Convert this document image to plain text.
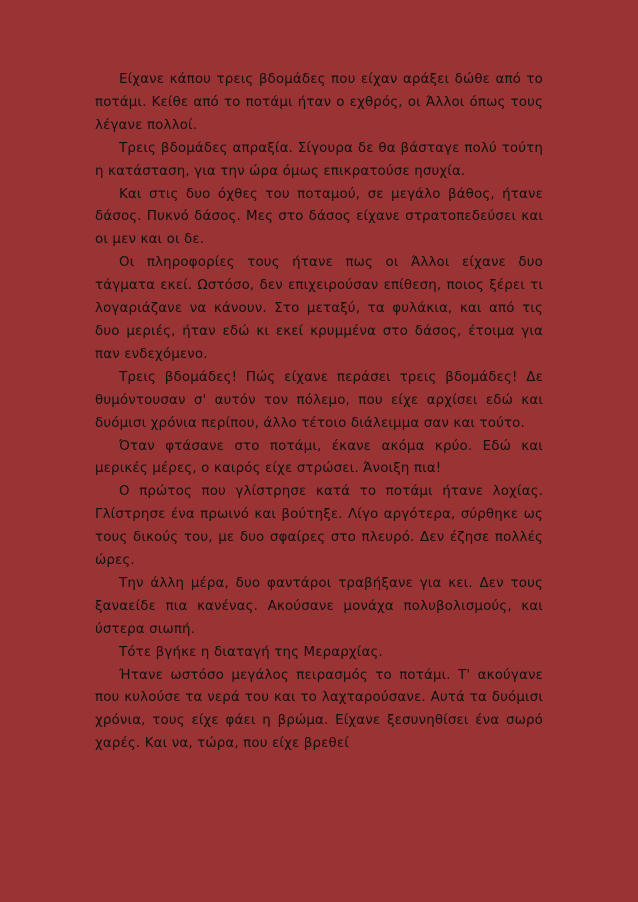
Είχανε κάπου τρεις βδομάδες που είχαν αράξει δώθε από το ποτάμι. Κείθε από το ποτάμι ήταν ο εχθρός, οι Άλλοι όπως τους λέγανε πολλοί.

Τρεις βδομάδες απραξία. Σίγουρα δε θα βάσταγε πολύ τούτη η κατάσταση, για την ώρα όμως επικρατούσε ησυχία.

Και στις δυο όχθες του ποταμού, σε μεγάλο βάθος, ήτανε δάσος. Πυκνό δάσος. Μες στο δάσος είχανε στρατοπεδεύσει και οι μεν και οι δε.

Οι πληροφορίες τους ήτανε πως οι Άλλοι είχανε δυο τάγματα εκεί. Ωστόσο, δεν επιχειρούσαν επίθεση, ποιος ξέρει τι λογαριάζανε να κάνουν. Στο μεταξύ, τα φυλάκια, και από τις δυο μεριές, ήταν εδώ κι εκεί κρυμμένα στο δάσος, έτοιμα για παν ενδεχόμενο.

Τρεις βδομάδες! Πώς είχανε περάσει τρεις βδομάδες! Δε θυμόντουσαν σ' αυτόν τον πόλεμο, που είχε αρχίσει εδώ και δυόμισι χρόνια περίπου, άλλο τέτοιο διάλειμμα σαν και τούτο.

Όταν φτάσανε στο ποτάμι, έκανε ακόμα κρύο. Εδώ και μερικές μέρες, ο καιρός είχε στρώσει. Άνοιξη πια!

Ο πρώτος που γλίστρησε κατά το ποτάμι ήτανε λοχίας. Γλίστρησε ένα πρωινό και βούτηξε. Λίγο αργότερα, σύρθηκε ως τους δικούς του, με δυο σφαίρες στο πλευρό. Δεν έζησε πολλές ώρες.

Την άλλη μέρα, δυο φαντάροι τραβήξανε για κει. Δεν τους ξαναείδε πια κανένας. Ακούσανε μονάχα πολυβολισμούς, και ύστερα σιωπή.

Τότε βγήκε η διαταγή της Μεραρχίας.

Ήτανε ωστόσο μεγάλος πειρασμός το ποτάμι. Τ' ακούγανε που κυλούσε τα νερά του και το λαχταρούσανε. Αυτά τα δυόμισι χρόνια, τους είχε φάει η βρώμα. Είχανε ξεσυνηθίσει ένα σωρό χαρές. Και να, τώρα, που είχε βρεθεί
